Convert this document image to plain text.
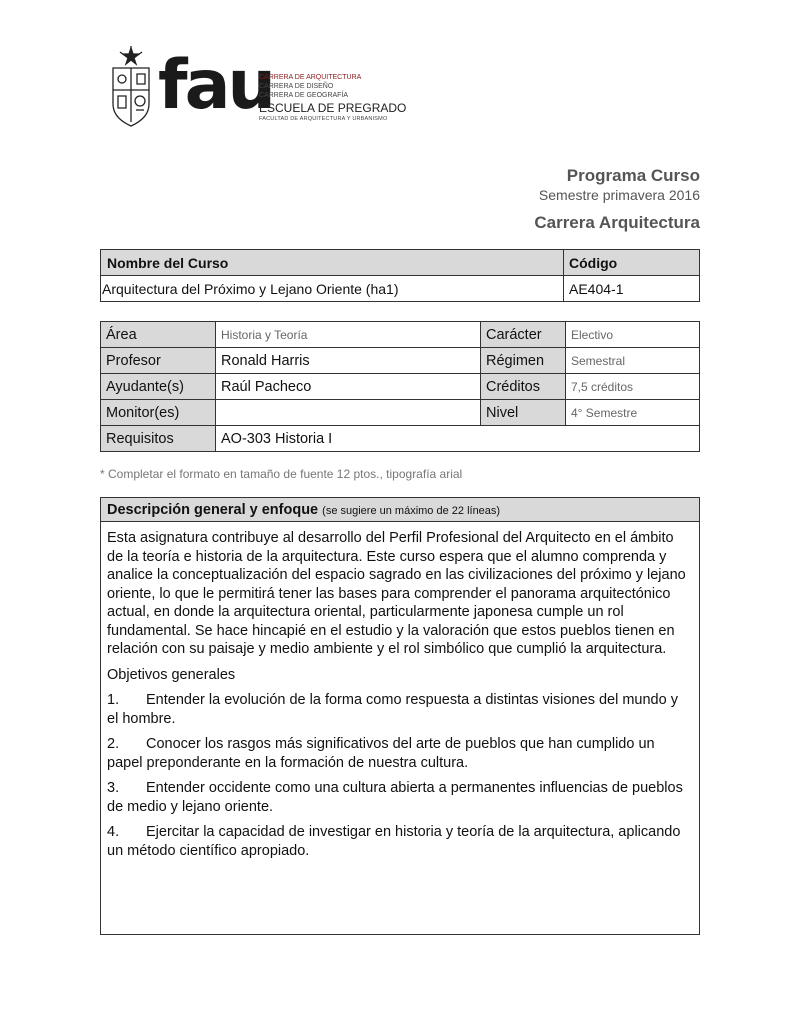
fau
CARRERA DE ARQUITECTURA
CARRERA DE DISEÑO
CARRERA DE GEOGRAFÍA
ESCUELA DE PREGRADO
FACULTAD DE ARQUITECTURA Y URBANISMO
Programa Curso
Semestre primavera 2016
Carrera Arquitectura
Nombre del Curso	Código
Arquitectura del Próximo y Lejano Oriente (ha1)	AE404-1
Área	Historia y Teoría	Carácter	Electivo
Profesor	Ronald Harris	Régimen	Semestral
Ayudante(s)	Raúl Pacheco	Créditos	7,5 créditos
Monitor(es)		Nivel	4° Semestre
Requisitos	AO-303 Historia I		
* Completar el formato en tamaño de fuente 12 ptos., tipografía arial
Descripción general y enfoque (se sugiere un máximo de 22 líneas)

Esta asignatura contribuye al desarrollo del Perfil Profesional del Arquitecto en el ámbito de la teoría e historia de la arquitectura. Este curso espera que el alumno comprenda y analice la conceptualización del espacio sagrado en las civilizaciones del próximo y lejano oriente, lo que le permitirá tener las bases para comprender el panorama arquitectónico actual, en donde la arquitectura oriental, particularmente japonesa cumple un rol fundamental. Se hace hincapié en el estudio y la valoración que estos pueblos tienen en relación con su paisaje y medio ambiente y el rol simbólico que cumplió la arquitectura.

Objetivos generales

1. Entender la evolución de la forma como respuesta a distintas visiones del mundo y el hombre.

2. Conocer los rasgos más significativos del arte de pueblos que han cumplido un papel preponderante en la formación de nuestra cultura.

3. Entender occidente como una cultura abierta a permanentes influencias de pueblos de medio y lejano oriente.

4. Ejercitar la capacidad de investigar en historia y teoría de la arquitectura, aplicando un método científico apropiado.
